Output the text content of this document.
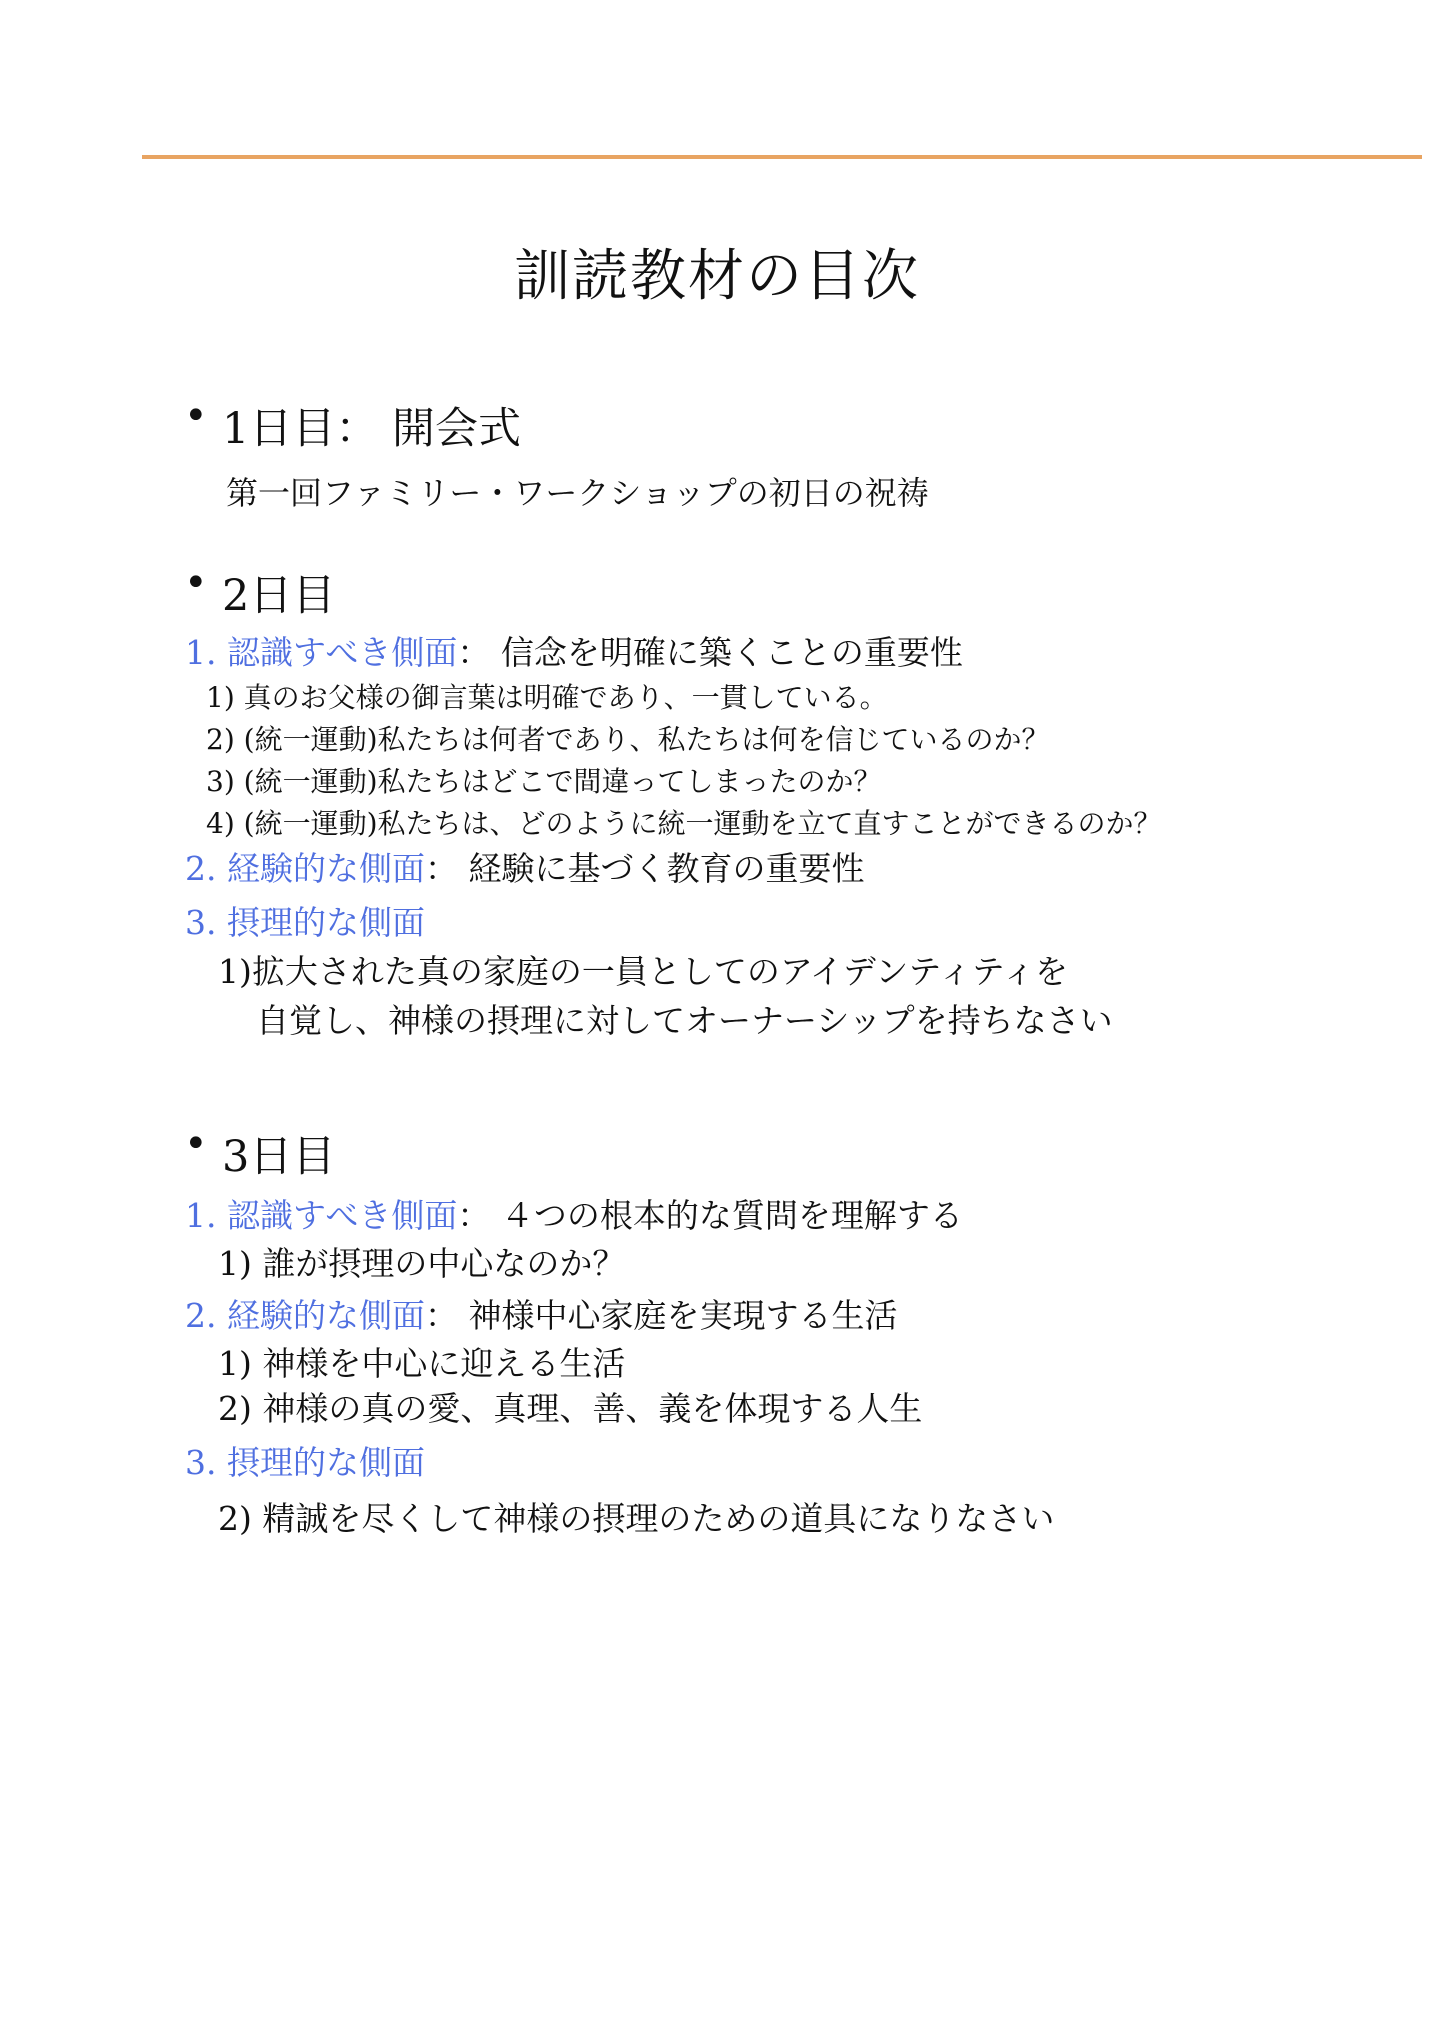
訓読教材の目次
• 1日目： 開会式
第一回ファミリー・ワークショップの初日の祝祷
• 2日目
1. 認識すべき側面： 信念を明確に築くことの重要性
1) 真のお父様の御言葉は明確であり、一貫している。
2) (統一運動)私たちは何者であり、私たちは何を信じているのか？
3) (統一運動)私たちはどこで間違ってしまったのか？
4) (統一運動)私たちは、どのように統一運動を立て直すことができるのか？
2. 経験的な側面： 経験に基づく教育の重要性
3. 摂理的な側面
1)拡大された真の家庭の一員としてのアイデンティティを
自覚し、神様の摂理に対してオーナーシップを持ちなさい
• 3日目
1. 認識すべき側面： ４つの根本的な質問を理解する
1) 誰が摂理の中心なのか？
2. 経験的な側面： 神様中心家庭を実現する生活
1) 神様を中心に迎える生活
2) 神様の真の愛、真理、善、義を体現する人生
3. 摂理的な側面
2) 精誠を尽くして神様の摂理のための道具になりなさい
